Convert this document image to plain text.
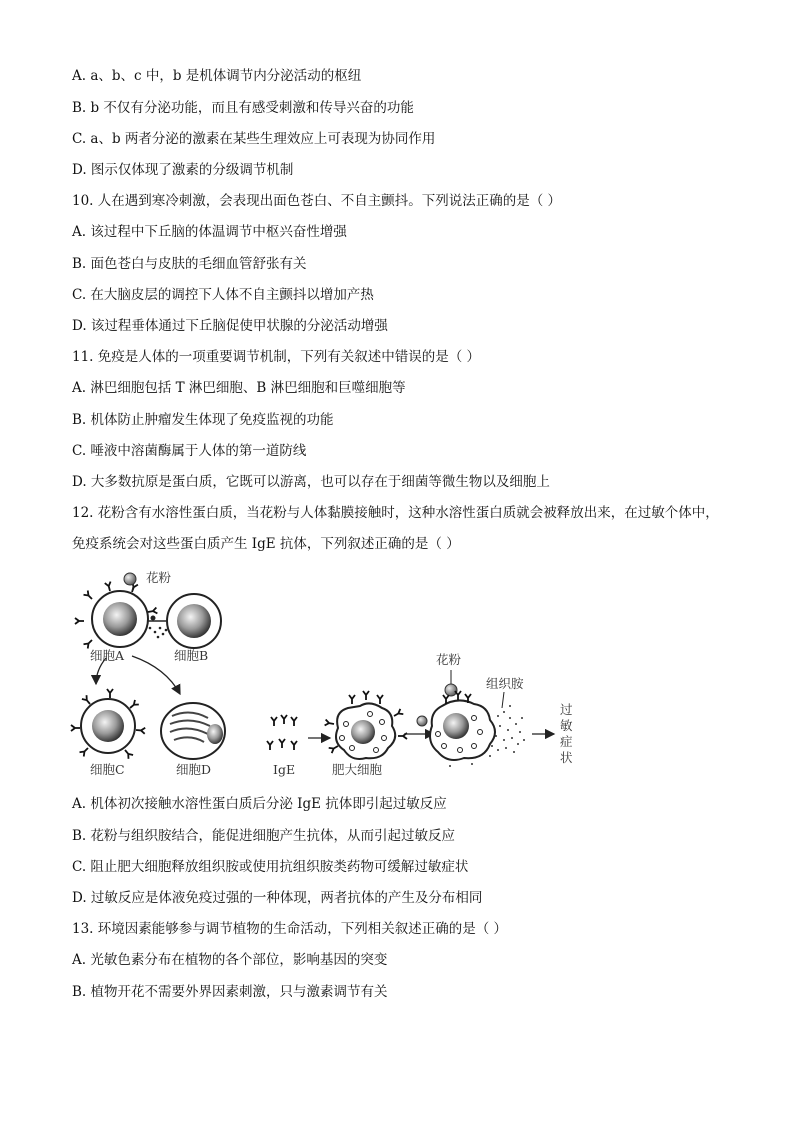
A. a、b、c 中，b 是机体调节内分泌活动的枢纽
B. b 不仅有分泌功能，而且有感受刺激和传导兴奋的功能
C. a、b 两者分泌的激素在某些生理效应上可表现为协同作用
D. 图示仅体现了激素的分级调节机制
10. 人在遇到寒冷刺激，会表现出面色苍白、不自主颤抖。下列说法正确的是（ ）
A. 该过程中下丘脑的体温调节中枢兴奋性增强
B. 面色苍白与皮肤的毛细血管舒张有关
C. 在大脑皮层的调控下人体不自主颤抖以增加产热
D. 该过程垂体通过下丘脑促使甲状腺的分泌活动增强
11. 免疫是人体的一项重要调节机制，下列有关叙述中错误的是（ ）
A. 淋巴细胞包括 T 淋巴细胞、B 淋巴细胞和巨噬细胞等
B. 机体防止肿瘤发生体现了免疫监视的功能
C. 唾液中溶菌酶属于人体的第一道防线
D. 大多数抗原是蛋白质，它既可以游离，也可以存在于细菌等微生物以及细胞上
12. 花粉含有水溶性蛋白质，当花粉与人体黏膜接触时，这种水溶性蛋白质就会被释放出来，在过敏个体中，
免疫系统会对这些蛋白质产生 IgE 抗体，下列叙述正确的是（ ）
花粉
细胞A	细胞B
细胞C	细胞D	IgE	肥大细胞
花粉
组织胺
过
敏
症
状
A. 机体初次接触水溶性蛋白质后分泌 IgE 抗体即引起过敏反应
B. 花粉与组织胺结合，能促进细胞产生抗体，从而引起过敏反应
C. 阻止肥大细胞释放组织胺或使用抗组织胺类药物可缓解过敏症状
D. 过敏反应是体液免疫过强的一种体现，两者抗体的产生及分布相同
13. 环境因素能够参与调节植物的生命活动，下列相关叙述正确的是（ ）
A. 光敏色素分布在植物的各个部位，影响基因的突变
B. 植物开花不需要外界因素刺激，只与激素调节有关
